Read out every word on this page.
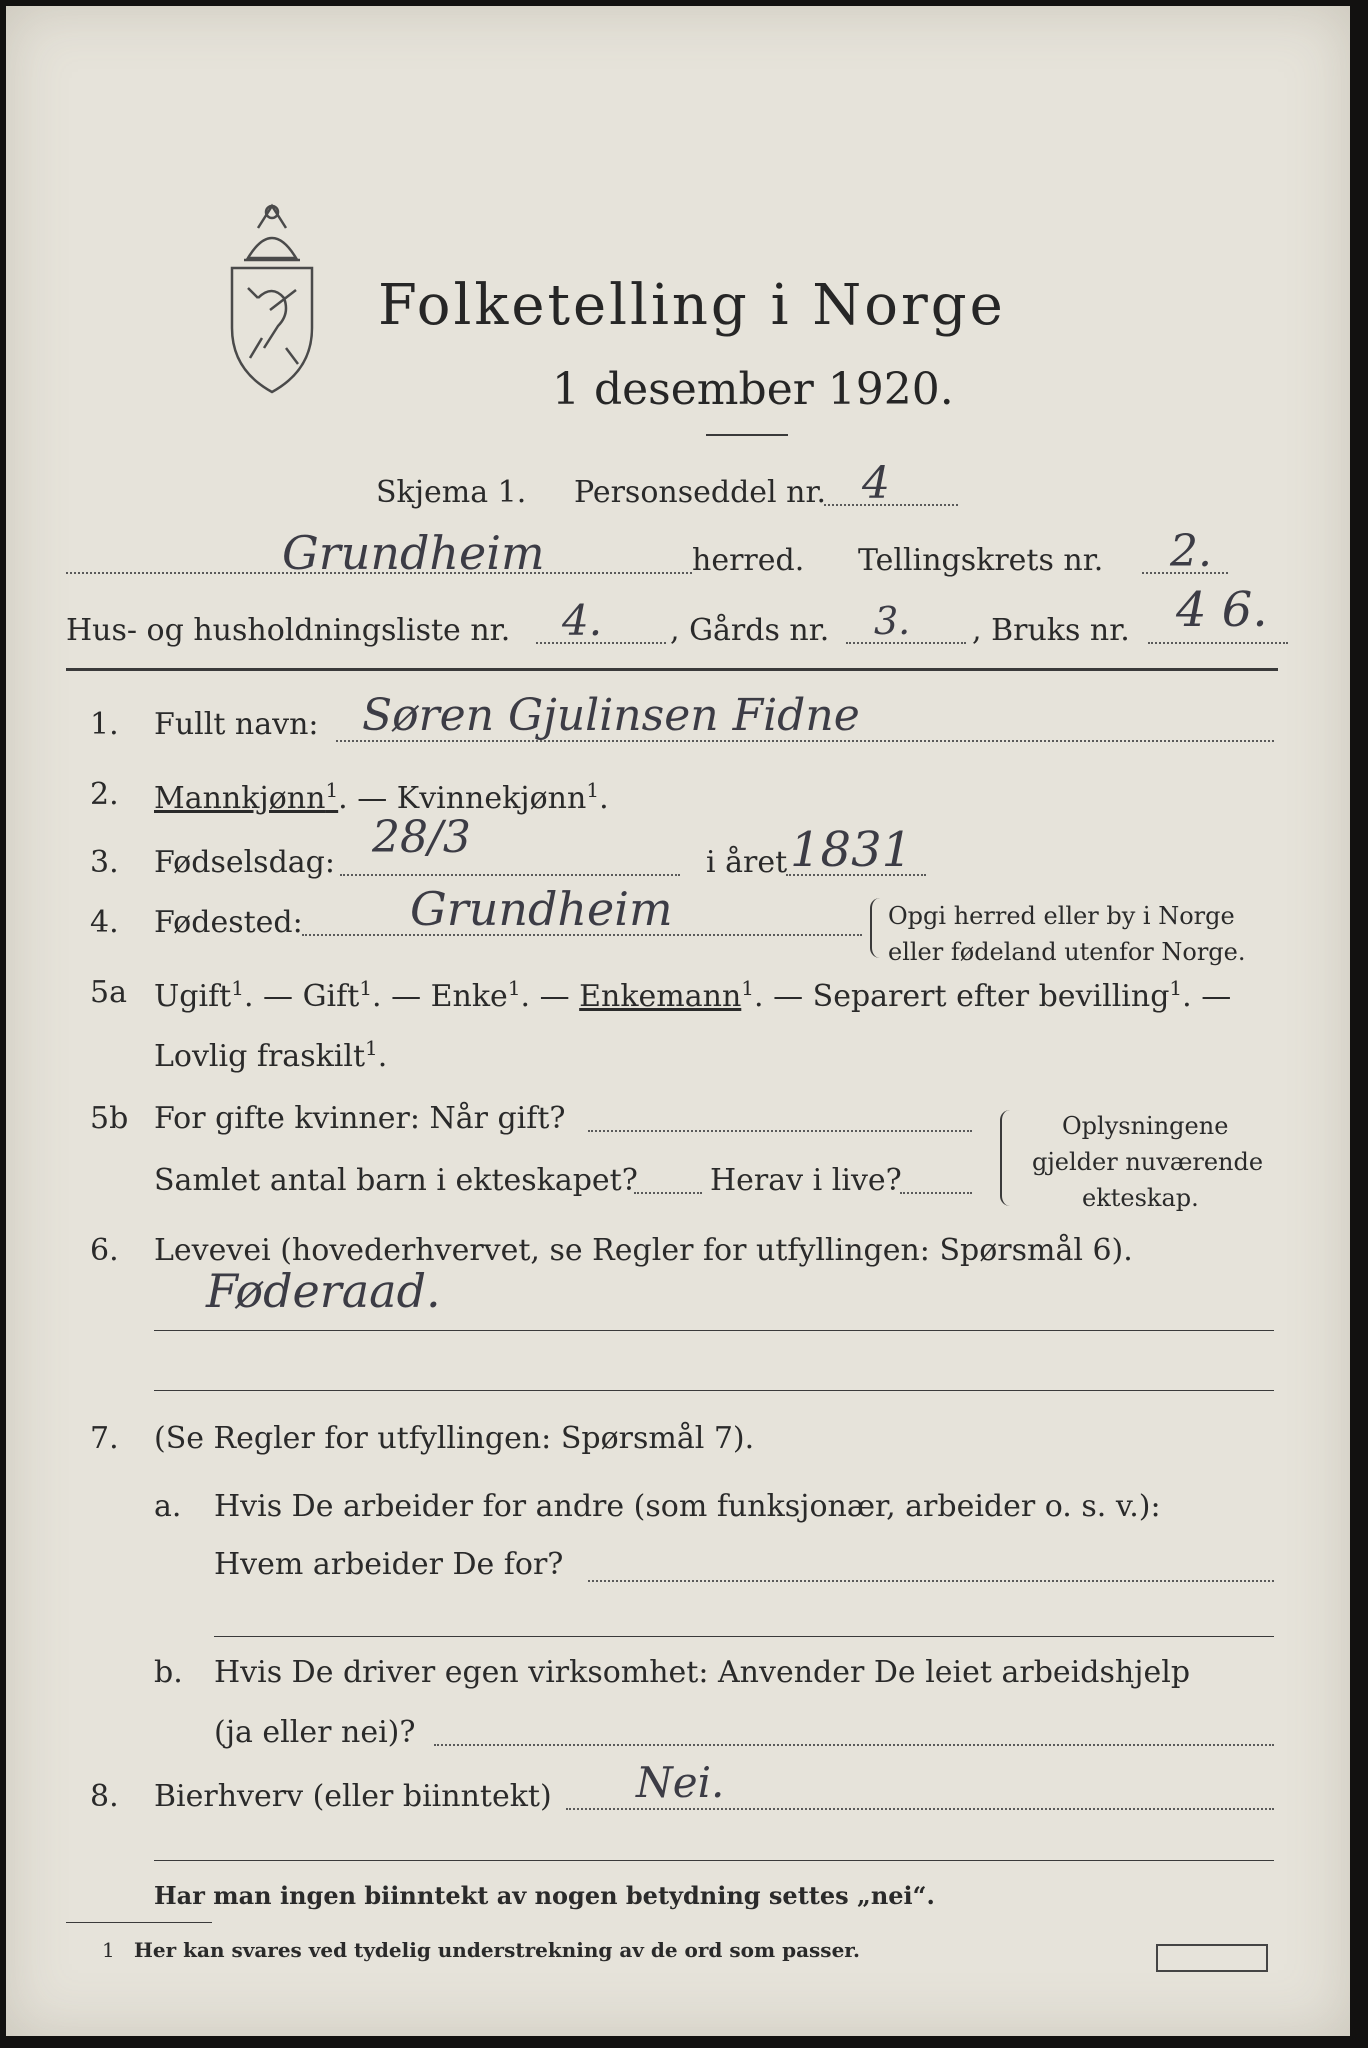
Folketelling i Norge
1 desember 1920.
Skjema 1. Personseddel nr. 4
Grundheim	herred. Tellingskrets nr. 2.
Hus- og husholdningsliste nr. 4. , Gårds nr. 3. , Bruks nr. 4 6.
1. Fullt navn: Søren Gjulinsen Fidne
2. Mannkjønn$^1$. — Kvinnekjønn$^1$.
3. Fødselsdag: 28/3	i året 1831
4. Fødested: Grundheim	Opgi herred eller by i Norge
eller fødeland utenfor Norge.
5a Ugift$^1$. — Gift$^1$. — Enke$^1$. — Enkemann$^1$. — Separert efter bevilling$^1$. —
Lovlig fraskilt$^1$.
5b For gifte kvinner: Når gift?
Samlet antal barn i ekteskapet? Herav i live?
Oplysningene
gjelder nuværende
ekteskap.
6. Levevei (hovederhvervet, se Regler for utfyllingen: Spørsmål 6).
Føderaad.
7. (Se Regler for utfyllingen: Spørsmål 7).
a. Hvis De arbeider for andre (som funksjonær, arbeider o. s. v.):
Hvem arbeider De for?
b. Hvis De driver egen virksomhet: Anvender De leiet arbeidshjelp
(ja eller nei)?
8. Bierhverv (eller biinntekt) Nei.
Har man ingen biinntekt av nogen betydning settes „nei“.
1 Her kan svares ved tydelig understrekning av de ord som passer.
